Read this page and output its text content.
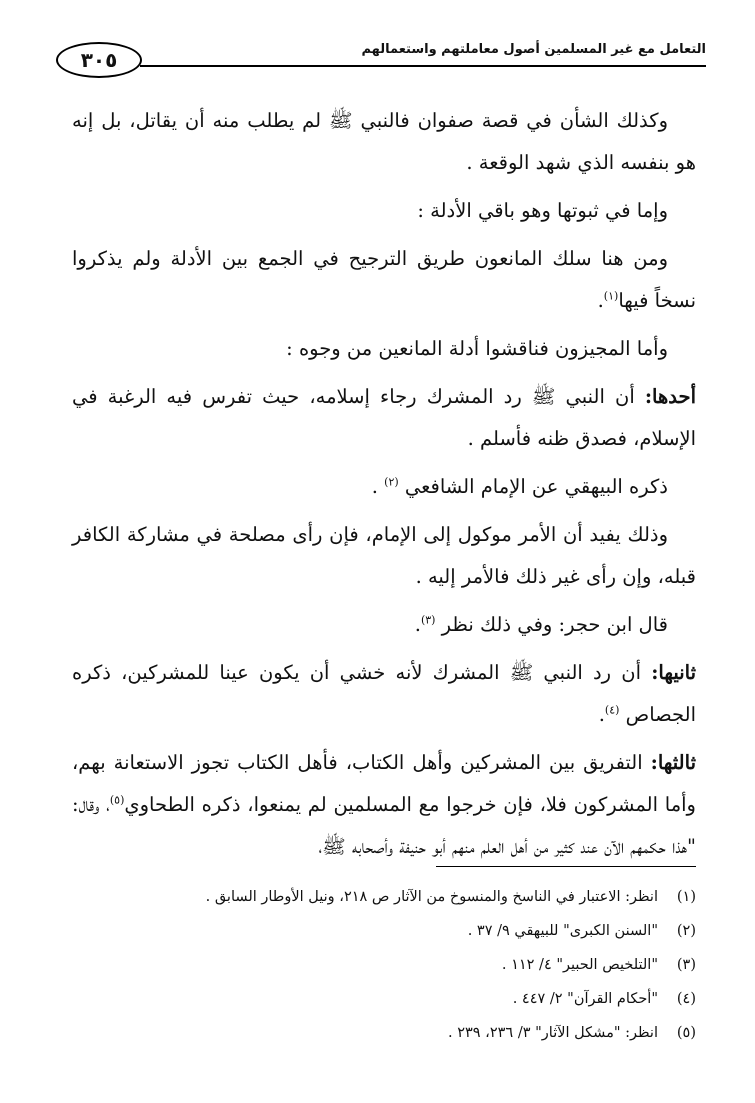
التعامل مع غير المسلمين أصول معاملتهم واستعمالهم
٣٠٥

وكذلك الشأن في قصة صفوان فالنبي ﷺ لم يطلب منه أن يقاتل، بل إنه هو بنفسه الذي شهد الوقعة .

وإما في ثبوتها وهو باقي الأدلة :

ومن هنا سلك المانعون طريق الترجيح في الجمع بين الأدلة ولم يذكروا نسخاً فيها$^{(١)}$.

وأما المجيزون فناقشوا أدلة المانعين من وجوه :

أحدها: أن النبي ﷺ رد المشرك رجاء إسلامه، حيث تفرس فيه الرغبة في الإسلام، فصدق ظنه فأسلم .

ذكره البيهقي عن الإمام الشافعي $^{(٢)}$ .

وذلك يفيد أن الأمر موكول إلى الإمام، فإن رأى مصلحة في مشاركة الكافر قبله، وإن رأى غير ذلك فالأمر إليه .

قال ابن حجر: وفي ذلك نظر $^{(٣)}$.

ثانيها: أن رد النبي ﷺ المشرك لأنه خشي أن يكون عينا للمشركين، ذكره الجصاص $^{(٤)}$.

ثالثها: التفريق بين المشركين وأهل الكتاب، فأهل الكتاب تجوز الاستعانة بهم، وأما المشركون فلا، فإن خرجوا مع المسلمين لم يمنعوا، ذكره الطحاوي$^{(٥)}$، وقال: "هذا حكمهم الآن عند كثير من أهل العلم منهم أبو حنيفة وأصحابه ﷺ،

(١)
انظر: الاعتبار في الناسخ والمنسوخ من الآثار ص ٢١٨، ونيل الأوطار السابق .
(٢)
"السنن الكبرى" للبيهقي ٩/ ٣٧ .
(٣)
"التلخيص الحبير" ٤/ ١١٢ .
(٤)
"أحكام القرآن" ٢/ ٤٤٧ .
(٥)
انظر: "مشكل الآثار" ٣/ ٢٣٦، ٢٣٩ .
